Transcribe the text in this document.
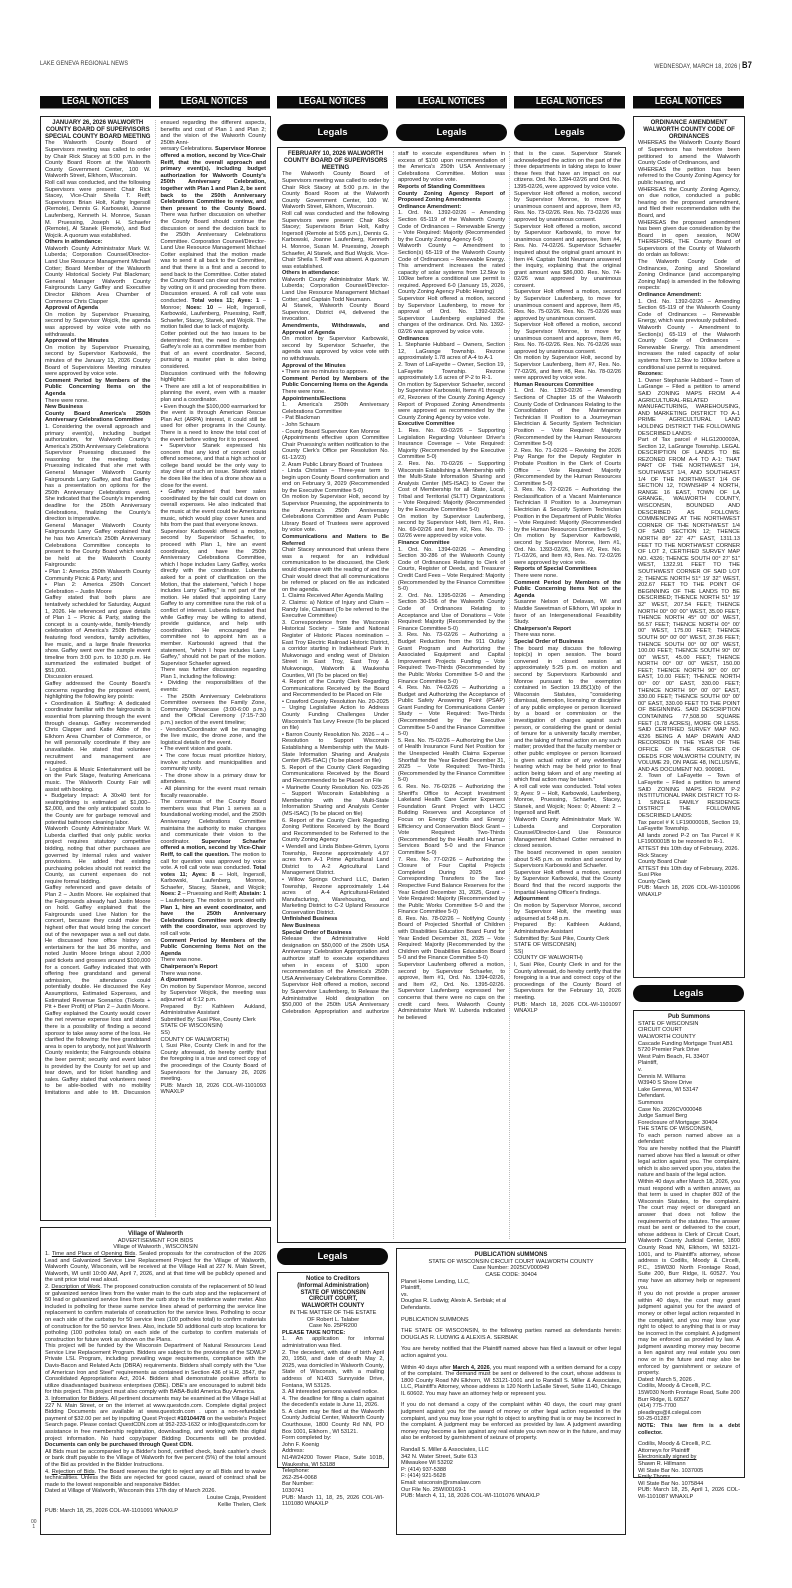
LAKE GENEVA REGIONAL NEWS	WEDNESDAY, MARCH 18, 2026 | B7
LEGAL NOTICES	LEGAL NOTICES	LEGAL NOTICES	LEGAL NOTICES	LEGAL NOTICES	LEGAL NOTICES
Legals	Legals	Legals
Legals
Legals

JANUARY 26, 2026 WALWORTH COUNTY BOARD OF SUPERVISORS SPECIAL COUNTY BOARD MEETING

The Walworth County Board of Supervisors meeting was called to order by Chair Rick Stacey at 5:00 p.m. in the County Board Room at the Walworth County Government Center, 100 W. Walworth Street, Elkhorn, Wisconsin.

Roll call was conducted, and the following Supervisors were present: Chair Rick Stacey, Vice-Chair Sheila T. Reiff; Supervisors Brian Holt, Kathy Ingersoll (Remote), Dennis G. Karbowski, Joanne Laufenberg, Kenneth H. Monroe, Susan M. Pruessing, Joseph H. Schaefer (Remote), Al Stanek (Remote), and Bud Wojcik. A quorum was established.

Others in attendance:

Walworth County Administrator Mark W. Luberda; Corporation Counsel/Director-Land Use Resource Management Michael Cotter; Board Member of the Walworth County Historical Society Pat Blackman; General Manager Walworth County Fairgrounds Larry Gaffey and Executive Director Elkhorn Area Chamber of Commerce Chris Clapper

Approval of Agenda

On motion by Supervisor Pruessing, second by Supervisor Wojcik, the agenda was approved by voice vote with no withdrawals.

Approval of the Minutes

On motion by Supervisor Pruessing, second by Supervisor Karbowski, the minutes of the January 13, 2026 County Board of Supervisions Meeting minutes were approved by voice vote.

Comment Period by Members of the Public Concerning Items on the Agenda

There were none.

New Business

County Board America's 250th Anniversary Celebrations Committee

1. Considering the overall approach and primary event(s), including budget authorization, for Walworth County's America's 250th Anniversary Celebrations

Supervisor Pruessing discussed the reasoning for the meeting today. Pruessing indicated that she met with General Manager Walworth County Fairgrounds Larry Gaffey, and that Gaffey has a presentation on options for the 250th Anniversary Celebrations event. She indicated that the County's impending deadline for the 250th Anniversary Celebrations, finalizing the County's direction is imperative.

General Manager Walworth County Fairgrounds Larry Gaffey explained that he has two America's 250th Anniversary Celebrations Committee concepts to present to the County Board which would be held at the Walworth County Fairgrounds:

• Plan 1: America 250th Walworth County Community Picnic & Party; and

• Plan 2: America 250th Concert Celebration – Justin Moore

Gaffey stated that both plans are tentatively scheduled for Saturday, August 1, 2026. He referenced and gave details of Plan 1 – Picnic & Party, stating the concept is a county-wide, family-friendly celebration of America's 250th Birthday featuring food vendors, family activities, live music, and a large finale fireworks show. Gaffey went over the sample event timeline from 3:00 p.m. to 10:30 p.m. He summarized the estimated budget of $51,000.

Discussion ensued.

Gaffey addressed the County Board's concerns regarding the proposed event, highlighting the following key points:

• Coordination & Staffing: A dedicated coordinator familiar with the fairgrounds is essential from planning through the event through cleanup. Gaffey recommended Chris Clapper and Katie Abbe of the Elkhorn Area Chamber of Commerce, or he will personally coordinate if they are unavailable. He stated that volunteer recruitment and management are required.

• Logistics & Music Entertainment will be on the Park Stage, featuring Americana music. The Walworth County Fair will assist with booking.

• Budgetary Impact: A 30x40 tent for seating/dining is estimated at $1,000–$2,000, and the only anticipated costs to the County are for garbage removal and potential bathroom cleaning labor.

Walworth County Administrator Mark W. Luberda clarified that only public works project requires statutory competitive bidding, noting that other purchases are governed by internal rules and waiver provisions. He added that existing purchasing policies should not restrict the County, as current expenses do not require formal bidding.

Gaffey referenced and gave details of Plan 2 – Justin Moore. He explained that the Fairgrounds already had Justin Moore on hold. Gaffey explained that the Fairgrounds used Live Nation for the concert, because they could make the highest offer that would bring the concert out of the newspaper was a sell out date. He discussed how office history on entertainers for the last 36 months, and noted Justin Moore brings about 2,000 paid tickets and grosses around $100,000 for a concert. Gaffey indicated that with offering free grandstand and general admission, the attendance could potentially double. He discussed the Key Assumptions, Estimated Expenses, and Estimated Revenue Scenarios (Tickets + Pit + Beer Profit) of Plan 2 – Justin Moore.

Gaffey explained the County would cover the net revenue expense loss and stated there is a possibility of finding a second sponsor to take away some of the loss. He clarified the following: the free grandstand area is open to anybody, not just Walworth County residents; the Fairgrounds obtains the beer permit; security and event labor is provided by the County for set up and tear down, and for ticket handling and sales. Gaffey stated that volunteers need to be able-bodied with no mobility limitations and able to lift. Discussion ensued regarding the different aspects, benefits and cost of Plan 1 and Plan 2; and the vision of the Walworth County 250th Anni-

versary Celebrations. Supervisor Monroe offered a motion, second by Vice-Chair Reiff, that the overall approach and primary event(s), including budget authorization for Walworth County's 250th Anniversary Celebration, together with Plan 1 and Plan 2, be sent back to the 250th Anniversary Celebrations Committee to review, and then present to the County Board. There was further discussion on whether the County Board should continue the discussion or send the decision back to the 250th Anniversary Celebrations Committee. Corporation Counsel/Director-Land Use Resource Management Michael Cotter explained that the motion made was to send it all back to the Committee, and that there is a first and a second to send back to the Committee. Cotter stated the County Board can clear out the motion by voting on it and proceeding from there. Discussion ensued. A roll call vote was conducted. Total votes 11; Ayes: 1 – Monroe; Noes: 10 – Holt, Ingersoll, Karbowski, Laufenberg, Pruessing, Reiff, Schaefer, Stacey, Stanek, and Wojcik. The motion failed due to lack of majority.

Cotter pointed out the two issues to be determined: first, the need to distinguish Gaffey's role as a committee member from that of an event coordinator. Second, pursuing a master plan is also being considered.

Discussion continued with the following highlights:

• There are still a lot of responsibilities in planning the event, even with a master plan and a coordinator.

• Even though the $100,000 earmarked for the event is through American Rescue Plan Act (ARPA) interest, it could still be used for other programs in the County. There is a need to know the total cost of the event before voting for it to proceed.

• Supervisor Stanek expressed his concern that any kind of concert could offend someone, and that a high school or college band would be the only way to stay clear of such an issue. Stanek stated he does like the idea of a drone show as a close for the event.

• Gaffey explained that beer sales coordinated by the fair could cut down on overall expenses. He also indicated that the music at the event could be Americana music, which would play cover tunes and hits from the past that everyone knows.

Supervisor Karbowski offered a motion, second by Supervisor Schaefer, to proceed with Plan 1, hire an event coordinator, and have the 250th Anniversary Celebrations Committee, which I hope includes Larry Gaffey, works directly with the coordinator. Luberda asked for a point of clarification on the Motion, that the statement, "which I hope includes Larry Gaffey," is not part of the motion. He stated that appointing Larry Gaffey to any committee runs the risk of a conflict of interest. Luberda indicated that while Gaffey may be willing to attend, provide guidance, and help with coordination. He encouraged the committee not to appoint him as a member. Karbowski agreed that the statement, "which I hope includes Larry Gaffey," should not be part of the motion. Supervisor Schaefer agreed.

There was further discussion regarding Plan 1, including the following:

• Dividing the responsibilities of the events:

- The 250th Anniversary Celebrations Committee oversees the Family Zone, Community Showcase (3:00-6:00 p.m.) and the Official Ceremony (7:15-7:30 p.m.) section of the event timeline;

- Vendors/Coordinator will be managing the live music, the drone zone, and the logistical details of the event.

• The event vision and goals.

• The core focus must prioritize history, involve schools and municipalities and community unity.

- The drone show is a primary draw for attendees.

- All planning for the event must remain fiscally reasonable.

The consensus of the County Board members was that Plan 1 serves as a foundational working model, and the 250th Anniversary Celebrations Committee maintains the authority to make changes and communicate their vision to the coordinator. Supervisor Schaefer offered a motion, second by Vice-Chair Reiff, to call the question. The motion to call for question was approved by voice vote. A roll call vote was conducted. Total votes 11; Ayes: 8 – Holt, Ingersoll, Karbowski, Laufenberg, Monroe, Schaefer, Stacey, Stanek, and Wojcik; Noes: 2 – Pruessing and Reiff; Abstain: 1 – Laufenberg. The motion to proceed with Plan 1, hire an event coordinator, and have the 250th Anniversary Celebrations Committee work directly with the coordinator, was approved by roll call vote.

Comment Period by Members of the Public Concerning Items Not on the Agenda

There was none.

Chairperson's Report

There was none.

A djournment

On motion by Supervisor Monroe, second by Supervisor Wojcik, the meeting was adjourned at 6:12 p.m.

Prepared By: Kathleen Aukland, Administrative Assistant

Submitted By: Susi Pike, County Clerk

STATE OF WISCONSIN)

SS)

COUNTY OF WALWORTH)

I, Susi Pike, County Clerk in and for the County aforesaid, do hereby certify that the foregoing is a true and correct copy of the proceedings of the County Board of Supervisors for the January 26, 2026 meeting.

PUB: March 18, 2026 COL-WI-1101093 WNAXLP

FEBRUARY 10, 2026 WALWORTH COUNTY BOARD OF SUPERVISORS MEETING

The Walworth County Board of Supervisors meeting was called to order by Chair Rick Stacey at 5:00 p.m. in the County Board Room at the Walworth County Government Center, 100 W. Walworth Street, Elkhorn, Wisconsin.

Roll call was conducted and the following Supervisors were present: Chair Rick Stacey; Supervisors Brian Holt, Kathy Ingersoll (Remote at 5:05 p.m.), Dennis G. Karbowski, Joanne Laufenberg, Kenneth H. Monroe, Susan M. Pruessing, Joseph Schaefer, Al Stanek, and Bud Wojcik. Vice-Chair Sheila T. Reiff was absent. A quorum was established.

Others in attendance:

Walworth County Administrator Mark W. Luberda; Corporation Counsel/Director-Land Use Resource Management Michael Cotter; and Captain Todd Neumann.

Al Stanek, Walworth County Board Supervisor, District #4, delivered the invocation.

Amendments, Withdrawals, and Approval of Agenda

On motion by Supervisor Karbowski, second by Supervisor Schaefer, the agenda was approved by voice vote with no withdrawals.

Approval of the Minutes

• There are no minutes to approve.

Comment Period by Members of the Public Concerning Items on the Agenda

There were none.

Appointments/Elections

1. America's 250th Anniversary Celebrations Committee

- Pat Blackman

- John Schaum

- County Board Supervisor Ken Monroe

(Appointments effective upon Committee Chair Pruessing's written notification to the County Clerk's Office per Resolution No. 61-12/23)

2. Aram Public Library Board of Trustees

- Linda Christian – Three-year term to begin upon County Board confirmation and end on February 9, 2029 (Recommended by the Executive Committee 5-0)

On motion by Supervisor Holt, second by Supervisor Pruessing, the appointments to the America's 250th Anniversary Celebrations Committee and Aram Public Library Board of Trustees were approved by voice vote.

Communications and Matters to Be Referred

Chair Stacey announced that unless there was a request for an individual communication to be discussed, the Clerk would dispense with the reading of and the Chair would direct that all communications be referred or placed on file as indicated on the agenda.

1. Claims Received After Agenda Mailing

2. Claims: a) Notice of Injury and Claim – Randy Isle, Claimant (To be referred to the Executive Committee)

3. Correspondence from the Wisconsin Historical Society – State and National Register of Historic Places nomination – East Troy Electric Railroad Historic District, a corridor starting in Indianhead Park in Mukwonago and ending west of Division Street in East Troy, East Troy & Mukwonago, Walworth & Waukesha Counties, WI (To be placed on file)

4. Report of the County Clerk Regarding Communications Received by the Board and Recommended to be Placed on File

• Crawford County Resolution No. 20-2025 – Urging Legislative Action to Address County Funding Challenges Under Wisconsin's Tax Levy Freeze (To be placed on file)

• Barron County Resolution No. 2026 – 4 – Resolution to Support Wisconsin Establishing a Membership with the Multi-State Information Sharing and Analysis Center (MS-ISAC) (To be placed on file)

5. Report of the County Clerk Regarding Communications Received by the Board and Recommended to be Placed on File

• Marinette County Resolution No. 023-26 – Support Wisconsin Establishing a Membership with the Multi-State Information Sharing and Analysis Center (MS-ISAC) (To be placed on file)

6. Report of the County Clerk Regarding Zoning Petitions Received by the Board and Recommended to be Referred to the County Zoning Agency

• Wendell and Linda Bisbee-Grimm, Lyons Township, Rezone approximately 4.97 acres from A-1 Prime Agricultural Land District to A-2 Agricultural Land Management District.

• Willow Springs Orchard LLC, Darien Township, Rezone approximately 1.44 acres of A-4 Agricultural-Related Manufacturing, Warehousing, and Marketing District to C-2 Upland Resource Conservation District.

Unfinished Business

New Business

Special Order of Business

Release the Administrative Hold designation on $50,000 of the 250th USA Anniversary Celebration Appropriation and authorize staff to execute expenditures when in excess of $100 upon recommendation of the America's 250th USA Anniversary Celebrations Committee.

Supervisor Holt offered a motion, second by Supervisor Laufenberg, to Release the Administrative Hold designation on $50,000 of the 250th USA Anniversary Celebration Appropriation and authorize staff to execute expenditures when in excess of $100 upon recommendation of the America's 250th USA Anniversary Celebrations Committee. Motion was approved by voice vote.

Reports of Standing Committees

County Zoning Agency Report of Proposed Zoning Amendments

Ordinance Amendment:

1. Ord. No. 1392-02/26 – Amending Section 65-119 of the Walworth County Code of Ordinances – Renewable Energy – Vote Required: Majority (Recommended by the County Zoning Agency 6-0)

Walworth County – Amendment to Section(s) 65-119 of the Walworth County Code of Ordinances – Renewable Energy. This amendment increases the rated capacity of solar systems from 12.5kw to 100kw before a conditional use permit is required. Approved 6-0 (January 15, 2026, County Zoning Agency Public Hearing)

Supervisor Holt offered a motion, second by Supervisor Laufenberg, to move for approval of Ord. No. 1392-02/26. Supervisor Laufenberg explained the changes of the ordinance. Ord. No. 1392-02/26 was approved by voice vote.

Ordinances

1. Stephanie Hubbard – Owners, Section 12, LaGrange Township. Rezone approximately 1.78 acres of A-4 to A-1

2. Town of LaFayette – Owner, Section 19, LaFayette Township. Rezone approximately 1.6 acres of P-2 to R-1.

On motion by Supervisor Schaefer, second by Supervisor Karbowski, Items #1 through #2, Rezones of the County Zoning Agency Report of Proposed Zoning Amendments were approved as recommended by the County Zoning Agency by voice vote.

Executive Committee

1. Res. No. 69-02/26 – Supporting Legislation Regarding Volunteer Driver's Insurance Coverage – Vote Required: Majority (Recommended by the Executive Committee 5-0)

2. Res. No. 70-02/26 – Supporting Wisconsin Establishing a Membership with the Multi-State Information Sharing and Analysis Center (MS-ISAC) to Cover the Cost of Membership for all State, Local, Tribal and Territorial (SLTT) Organizations – Vote Required: Majority (Recommended by the Executive Committee 5-0)

On motion by Supervisor Laufenberg, second by Supervisor Holt, Item #1, Res. No. 69-02/26 and Item #2, Res. No. 70-02/26 were approved by voice vote.

Finance Committee

1. Ord. No. 1394-02/26 – Amending Section 30-286 of the Walworth County Code of Ordinances Relating to Clerk of Courts, Register of Deeds, and Treasurer Credit Card Fees – Vote Required: Majority (Recommended by the Finance Committee 5-0)

2. Ord. No. 1395-02/26 – Amending Section 30-156 of the Walworth County Code of Ordinances Relating to Acceptance and Use of Donations – Vote Required: Majority (Recommended by the Finance Committee 5-0)

3. Res. No. 73-02/26 – Authorizing a Budget Reduction from the 911 Outlay Grant Program and Authorizing the Associated Equipment and Capital Improvement Projects Funding – Vote Required: Two-Thirds (Recommended by the Public Works Committee 5-0 and the Finance Committee 5-0)

4. Res. No. 74-02/26 – Authorizing a Budget and Authorizing the Acceptance of Public Safety Answering Point (PSAP) Grant Funding for Communications Center Study – Vote Required: Two-Thirds (Recommended by the Executive Committee 5-0 and the Finance Committee 5-0)

5. Res. No. 75-02/26 – Authorizing the Use of Health Insurance Fund Net Position for the Unexpected Health Claims Expense Shortfall for the Year Ended December 31, 2025 – Vote Required: Two-Thirds (Recommended by the Finance Committee 5-0)

6. Res. No. 76-02/26 – Authorizing the Sheriff's Office to Accept Investment Lakeland Health Care Center Expenses Foundation Grant Project with LHCC Building Reserves and Acceptance of Focus on Energy Credits and Energy Efficiency and Conservation Block Grant – Vote Required: Two-Thirds (Recommended by the Health and Human Services Board 5-0 and the Finance Committee 5-0)

7. Res. No. 77-02/26 – Authorizing the Closure of Four Capital Projects Completed During 2025 and Corresponding Transfers to the Tax-Respective Fund Balance Reserves for the Year Ended December 31, 2025, Grant – Vote Required: Majority (Recommended by the Public Works Committee 5-0 and the Finance Committee 5-0)

8. Res. No. 78-02/26 – Notifying County Board of Projected Shortfall of Children with Disabilities Education Board Fund for Year Ended December 31, 2025 – Vote Required: Majority (Recommended by the Children with Disabilities Education Board 5-0 and the Finance Committee 5-0)

Supervisor Laufenberg offered a motion, second by Supervisor Schaefer, to approve, Item #1, Ord. No. 1394-02/26, and Item #2, Ord. No. 1395-02/26. Supervisor Laufenberg expressed her concerns that there were no caps on the credit card fees. Walworth County Administrator Mark W. Luberda indicated he believed

that is the case. Supervisor Stanek acknowledged the action on the part of the three departments in taking steps to lower these fees that have an impact on our citizens. Ord. No. 1394-02/26 and Ord. No. 1395-02/26, were approved by voice vote.

Supervisor Holt offered a motion, second by Supervisor Monroe, to move for unanimous consent and approve, Item #3, Res. No. 73-02/26. Res. No. 73-02/26 was approved by unanimous consent.

Supervisor Holt offered a motion, second by Supervisor Karbowski, to move for unanimous consent and approve, Item #4, Res. No. 74-02/26. Supervisor Schaefer inquired about the original grant amount in Item #4. Captain Todd Neumann answered the inquiry, explaining that the original grant amount was $86,000. Res. No. 74-02/26 was approved by unanimous consent.

Supervisor Holt offered a motion, second by Supervisor Laufenberg, to move for unanimous consent and approve, Item #5, Res. No. 75-02/26. Res. No. 75-02/26 was approved by unanimous consent.

Supervisor Holt offered a motion, second by Supervisor Monroe, to move for unanimous consent and approve, Item #6, Res. No. 76-02/26. Res. No. 76-02/26 was approved by unanimous consent.

On motion by Supervisor Holt, second by Supervisor Laufenberg, Item #7, Res. No. 77-02/26, and Item #8, Res. No. 78-02/26 were approved by voice vote.

Human Resources Committee

1. Ord. No. 1393-02/26 – Amending Sections of Chapter 15 of the Walworth County Code of Ordinances Relating to the Consolidation of the Maintenance Technician II Position to a Journeyman Electrician & Security System Technician Position – Vote Required: Majority (Recommended by the Human Resources Committee 5-0)

2. Res. No. 71-02/26 – Revising the 2026 Pay Range for the Deputy Register in Probate Position in the Clerk of Courts Office – Vote Required: Majority (Recommended by the Human Resources Committee 5-0)

3. Res. No. 72-02/26 – Authorizing the Reclassification of a Vacant Maintenance Technician II Position to a Journeyman Electrician & Security System Technician Position in the Department of Public Works – Vote Required: Majority (Recommended by the Human Resources Committee 5-0)

On motion by Supervisor Karbowski, second by Supervisor Monroe, Item #1, Ord. No. 1393-02/26, Item #2, Res. No. 71-02/26, and Item #3, Res. No. 72-02/26 were approved by voice vote.

Reports of Special Committees

There were none.

Comment Period by Members of the Public Concerning Items Not on the Agenda

Susanne Nelson of Delavan, WI and Maddie Sweetman of Elkhorn, WI spoke in favor of an Intergenerational Feasibility Study.

Chairperson's Report

There was none.

Special Order of Business

The board may discuss the following topic(s) in open session. The board convened in closed session at approximately 5:25 p.m. on motion and second by Supervisors Karbowski and Monroe pursuant to the exemption contained in Section 19.85(1)(b) of the Wisconsin Statutes, "considering dismissal, demotion, licensing or discipline of any public employee or person licensed by a board or commission or the investigation of charges against such person, or considering the grant or denial of tenure for a university faculty member, and the taking of formal action on any such matter; provided that the faculty member or other public employee or person licensed is given actual notice of any evidentiary hearing which may be held prior to final action being taken and of any meeting at which final action may be taken."

A roll call vote was conducted. Total votes 9; Ayes: 9 – Holt, Karbowski, Laufenberg, Monroe, Pruessing, Schaefer, Stacey, Stanek, and Wojcik; Noes: 0; Absent: 2 – Ingersoll and Reiff.

Walworth County Administrator Mark W. Luberda and Corporation Counsel/Director-Land Use Resource Management Michael Cotter remained in closed session.

The board reconvened in open session about 5:45 p.m. on motion and second by Supervisors Karbowski and Schaefer.

Supervisor Holt offered a motion, second by Supervisor Karbowski, that the County Board find that the record supports the Impartial Hearing Officer's findings.

Adjournment

On motion by Supervisor Monroe, second by Supervisor Holt, the meeting was adjourned at 5:48 p.m.

Prepared By: Kathleen Aukland, Administrative Assistant

Submitted By: Susi Pike, County Clerk

STATE OF WISCONSIN)

SS)

COUNTY OF WALWORTH)

I, Susi Pike, County Clerk in and for the County aforesaid, do hereby certify that the foregoing is a true and correct copy of the proceedings of the County Board of Supervisors for the February 10, 2026 meeting.

PUB: March 18, 2026 COL-WI-1101097 WNAXLP

ORDINANCE AMENDMENT

WALWORTH COUNTY CODE OF ORDINANCES

WHEREAS the Walworth County Board of Supervisors has heretofore been petitioned to amend the Walworth County Code of Ordinances, and

WHEREAS the petition has been referred to the County Zoning Agency for public hearing, and

WHEREAS the County Zoning Agency, on due notice, conducted a public hearing on the proposed amendment, and filed their recommendation with the Board, and

WHEREAS the proposed amendment has been given due consideration by the Board in open session, NOW THEREFORE, THE County Board of Supervisors of the County of Walworth do ordain as follows:

The Walworth County Code of Ordinances, Zoning and Shoreland Zoning Ordinance (and accompanying Zoning Map) is amended in the following respects:

Ordinance Amendment:

1. Ord. No. 1392-02/26 – Amending Section 65-119 of the Walworth County Code of Ordinances – Renewable Energy, which was previously published.

Walworth County - Amendment to Section(s) 65-119 of the Walworth County Code of Ordinances – Renewable Energy. This amendment increases the rated capacity of solar systems from 12.5kw to 100kw before a conditional use permit is required.

Rezones:

1. Owner Stephanie Hubbard – Town of LaGrange – Filed a petition to amend SAID ZONING MAPS FROM A-4 AGRICULTURAL-RELATED MANUFACTURING, WAREHOUSING, AND MARKETING DISTRICT TO A-1 PRIME AGRICULTURAL LAND HOLDING DISTRICT THE FOLLOWING DESCRIBED LANDS:

Part of Tax parcel # HLG1200003A, Section 12, LaGrange Township. LEGAL DESCRIPTION OF LANDS TO BE REZONED FROM A-4 TO A-1: THAT PART OF THE NORTHWEST 1/4, SOUTHWEST 1/4, AND SOUTHEAST 1/4 OF THE NORTHWEST 1/4 OF SECTION 12, TOWNSHIP 4 NORTH, RANGE 16 EAST, TOWN OF LA GRANGE, WALWORTH COUNTY, WISCONSIN, BOUNDED AND DESCRIBED AS FOLLOWS: COMMENCING AT THE NORTHWEST CORNER OF THE NORTHWEST 1/4 OF SAID SECTION 12; THENCE NORTH 89° 22' 47" EAST, 1311.13 FEET TO THE NORTHWEST CORNER OF LOT 2, CERTIFIED SURVEY MAP NO. 4326; THENCE SOUTH 00° 27' 51" WEST, 1322.91 FEET TO THE SOUTHWEST CORNER OF SAID LOT 2; THENCE NORTH 51° 19' 32" WEST, 202.67 FEET TO THE POINT OF BEGINNING OF THE LANDS TO BE DESCRIBED; THENCE NORTH 51° 19' 32" WEST, 207.54 FEET; THENCE NORTH 00° 00' 00" WEST, 35.00 FEET; THENCE NORTH 45° 00' 00" WEST, 56.57 FEET; THENCE NORTH 00° 00' 00" WEST, 175.00 FEET; THENCE SOUTH 90° 00' 00" WEST, 37.36 FEET; THENCE SOUTH 00° 00' 00" WEST, 100.00 FEET; THENCE SOUTH 90° 00' 00" WEST, 45.00 FEET; THENCE NORTH 00° 00' 00" WEST, 150.00 FEET; THENCE NORTH 90° 00' 00" EAST, 10.00 FEET; THENCE NORTH 00° 00' 00" EAST, 330.00 FEET; THENCE NORTH 90° 00' 00" EAST, 330.00 FEET; THENCE SOUTH 00° 00' 00" EAST, 330.00 FEET TO THE POINT OF BEGINNING. SAID DESCRIPTION CONTAINING 77,508.90 SQUARE FEET (1.78 ACRES), MORE OR LESS. SAID CERTIFIED SURVEY MAP NO. 4326 BEING A MAP DRAWN AND RECORDED IN THE YEAR OF THE OFFICE OF THE REGISTER OF DEEDS FOR WALWORTH COUNTY, IN VOLUME 29, ON PAGE 48, INCLUSIVE, AND AS DOCUMENT NO. 900981.

2. Town of LaFayette – Town of LaFayette – Filed a petition to amend SAID ZONING MAPS FROM P-2 INSTITUTIONAL PARK DISTRICT TO R-1 SINGLE FAMILY RESIDENCE DISTRICT THE FOLLOWING DESCRIBED LANDS:

Tax parcel # K LF1900001B, Section 19, LaFayette Township.

All lands zoned P-2 on Tax Parcel # K LF1900001B to be rezoned to R-1.

ATTEST this 10th day of February, 2026.

Rick Stacey

County Board Chair

ATTEST this 10th day of February, 2026.

Susi Pike

County Clerk

PUB: March 18, 2026 COL-WI-1101096 WNAXLP

Pub Summons

STATE OF WISCONSIN

CIRCUIT COURT

WALWORTH COUNTY

Cascade Funding Mortgage Trust AB1

5720 Premier Park Drive

West Palm Beach, FL 33407

Plaintiff,

v.

Dennis M. Williams

W3940 S Shore Drive

Lake Geneva, WI 53147

Defendant.

Summons

Case No. 2026CV000048

Judge Samuel Berg

Foreclosure of Mortgage: 30404

THE STATE OF WISCONSIN,

To each person named above as a defendant:

You are hereby notified that the Plaintiff named above has filed a lawsuit or other legal action against you. The complaint, which is also served upon you, states the nature and basis of the legal action.

Within 40 days after March 18, 2026, you must respond with a written answer, as that term is used in chapter 802 of the Wisconsin Statutes, to the complaint. The court may reject or disregard an answer that does not follow the requirements of the statutes. The answer must be sent or delivered to the court, whose address is Clerk of Circuit Court, Walworth County Judicial Center, 1800 County Road NN, Elkhorn, WI 53121-1001, and to Plaintiff's attorney, whose address is Codilis, Moody & Circelli, P.C., 15W030 North Frontage Road, Suite 200, Burr Ridge, IL 60527. You may have an attorney help or represent you.

If you do not provide a proper answer within 40 days, the court may grant judgment against you for the award of money or other legal action requested in the complaint, and you may lose your right to object to anything that is or may be incorrect in the complaint. A judgment may be enforced as provided by law. A judgment awarding money may become a lien against any real estate you own now or in the future and may also be enforced by garnishment or seizure of property.

Dated: March 5, 2026 .

Codilis, Moody & Circelli, P.C.

15W030 North Frontage Road, Suite 200

Burr Ridge, IL 60527

(414) 775-7700

pleadings@il.cslegal.com

50-25-01287

NOTE: This law firm is a debt collector.

Codilis, Moody & Circelli, P.C.

Attorneys for Plaintiff

Electronically signed by

Shawn R. Hillmann

WI State Bar No. 1037005

Emily Thoms

WI State Bar No. 1075844

PUB: March 18, 25, April 1, 2026 COL-WI-1101087 WNAXLP

Village of Walworth

ADVERTISEMENT FOR BIDS

Village of Walworth , WISCONSIN

1. Time and Place of Opening Bids. Sealed proposals for the construction of the 2026 Lead and Galvanized Service Line Replacement Project for the Village of Walworth, Walworth County, Wisconsin, will be received at the Village Hall at 227 N. Main Street, Walworth, WI until 10:00 AM, April 7, 2026, and at that time will be publicly opened and the unit price total read aloud.

2. Description of Work. The proposed construction consists of the replacement of 50 lead or galvanized service lines from the water main to the curb stop and the replacement of 50 lead or galvanized service lines from the curb stop to the residence water meter. Also included is potholing for these same service lines ahead of performing the service line replacement to confirm materials of construction for the service lines. Potholing to occur on each side of the curbstop for 50 service lines (100 potholes total) to confirm materials of construction for the 50 service lines. Also, include 50 additional curb stop locations for potholing (100 potholes total) on each side of the curbstop to confirm materials of construction for future work as shown on the Plans.

This project will be funded by the Wisconsin Department of Natural Resources Lead Service Line Replacement Program. Bidders are subject to the provisions of the SDWLP Private LSL Program, including prevailing wage requirements, compliance with the Davis-Bacon and Related Acts (DBRA) requirements. Bidders shall comply with the "Use of American Iron and Steel" requirements as contained in Section 436 of H.R. 3547, the Consolidated Appropriations Act, 2014. Bidders shall demonstrate positive efforts to utilize disadvantaged business enterprises (DBE). DBE's are encouraged to submit bids for this project. This project must also comply with BABA-Build America Buy America.

3. Information for Bidders. All pertinent documents may be examined at the Village Hall at 227 N. Main Street, or on the internet at www.questcdn.com. Complete digital project Bidding Documents are available at www.questcdn.com . upon a non-refundable payment of $32.00 per set by inputting Quest Project #10104478 on the website's Project Search page. Please contact QuestCDN.com at 952-233-1632 or info@questcdn.com for assistance in free membership registration, downloading, and working with this digital project information. No hard copy/paper Bidding Documents will be provided. Documents can only be purchased through Quest CDN.

All Bids must be accompanied by a Bidder's bond, certified check, bank cashier's check or bank draft payable to the Village of Walworth for five percent (5%) of the total amount of the Bid as provided in the Bidder Instructions.

4. Rejection of Bids. The Board reserves the right to reject any or all Bids and to waive technicalities. Unless the Bids are rejected for good cause, award of contract shall be made to the lowest responsible and responsive Bidder.

Dated at Village of Walworth, Wisconsin this 17th day of March 2026.

Louise Czaja, President

Kellie Thelen, Clerk

PUB: March 18, 25, 2026 COL-WI-1101091 WNAXLP

Notice to Creditors

(Informal Administration)

STATE OF WISCONSIN

CIRCUIT COURT,

WALWORTH COUNTY

IN THE MATTER OF THE ESTATE

OF Robert L. Talaber

Case No. 25PR200

PLEASE TAKE NOTICE:

1. An application for informal administration was filed.

2. The decedent, with date of birth April 20, 1950, and date of death May 2, 2025, was domiciled in Walworth County, State of Wisconsin, with a mailing address of N1403 Sunnyside Drive, Fontana, WI 53125.

3. All interested persons waived notice.

4. The deadline for filing a claim against the decedent's estate is June 11, 2026.

5. A claim may be filed at the Walworth County Judicial Center, Walworth County Courthouse, 1800 County Rd NN, PO Box 1001, Elkhorn , WI 53121.

Form completed by:

John F. Koenig

Address:

N14W24200 Tower Place, Suite 101B, Waukesha, WI 53188

Telephone:

262-254-0068

Bar Number:

1030741

PUB: March 11, 18, 25, 2026 COL-WI-1101080 WNAXLP

PUBLICATION sUMMONS

STATE OF WISCONSIN CIRCUIT COURT WALWORTH COUNTY

Case Number: 2025CV000949

CASE CODE: 30404

Planet Home Lending, LLC,

Plaintiff,

vs.

Douglas R. Ludwig; Alexis A. Serbiak; et al

Defendants.

PUBLICATION SUMMONS

THE STATE OF WISCONSIN, to the following parties named as defendants herein: DOUGLAS R. LUDWIG & ALEXIS A. SERBIAK

You are hereby notified that the Plaintiff named above has filed a lawsuit or other legal action against you.

Within 40 days after March 4, 2026, you must respond with a written demand for a copy of the complaint. The demand must be sent or delivered to the court, whose address is 1800 County Road NN Elkhorn, WI 53121-1001 and to Randall S. Miller & Associates, LLC, Plaintiff's Attorney, whose address is 120 North LaSalle Street, Suite 1140, Chicago IL 60602. You may have an attorney help or represent you.

If you do not demand a copy of the complaint within 40 days, the court may grant judgment against you for the award of money or other legal action requested in the complaint, and you may lose your right to object to anything that is or may be incorrect in the complaint. A judgment may be enforced as provided by law. A judgment awarding money may become a lien against any real estate you own now or in the future, and may also be enforced by garnishment of seizure of property.

Randall S. Miller & Associates, LLC

342 N. Water Street, Suite 613

Milwaukee WI 53202

P: (414) 937-5388

F: (414) 921-5628

Email: wisconsin@rsmalaw.com

Our File No. 25WI00169-1

PUB: March 4, 11, 18, 2026 COL-WI-1101076 WNAXLP

00
1
